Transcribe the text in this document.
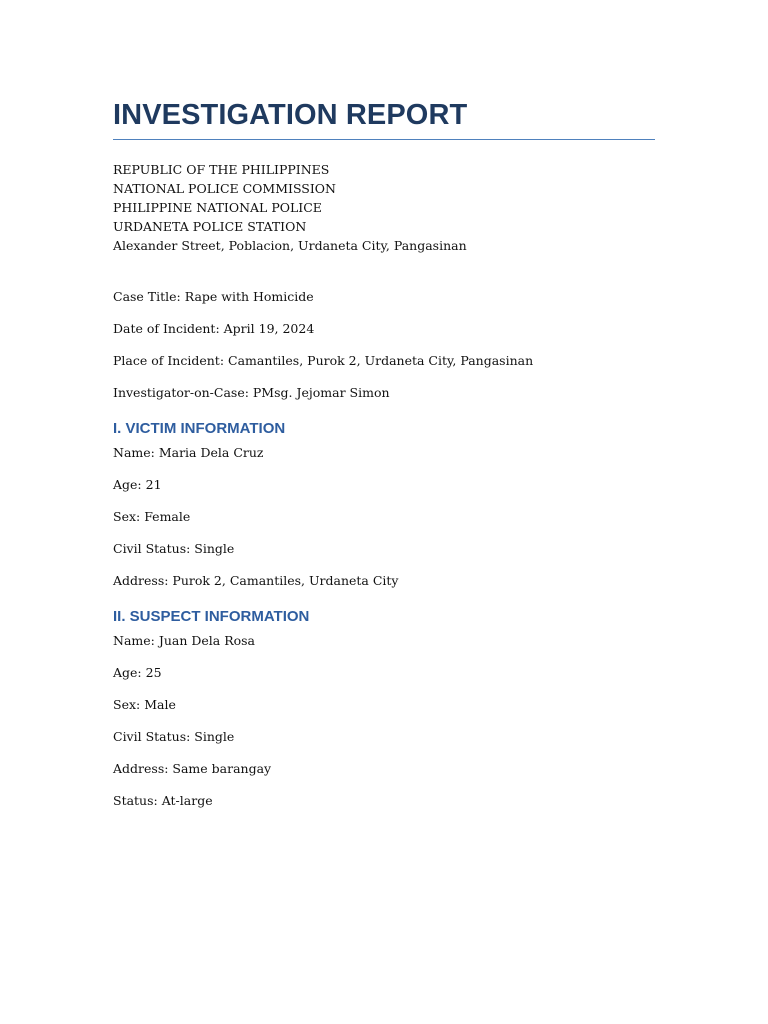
INVESTIGATION REPORT

REPUBLIC OF THE PHILIPPINES

NATIONAL POLICE COMMISSION

PHILIPPINE NATIONAL POLICE

URDANETA POLICE STATION

Alexander Street, Poblacion, Urdaneta City, Pangasinan

Case Title: Rape with Homicide

Date of Incident: April 19, 2024

Place of Incident: Camantiles, Purok 2, Urdaneta City, Pangasinan

Investigator-on-Case: PMsg. Jejomar Simon

I. VICTIM INFORMATION

Name: Maria Dela Cruz

Age: 21

Sex: Female

Civil Status: Single

Address: Purok 2, Camantiles, Urdaneta City

II. SUSPECT INFORMATION

Name: Juan Dela Rosa

Age: 25

Sex: Male

Civil Status: Single

Address: Same barangay

Status: At-large
